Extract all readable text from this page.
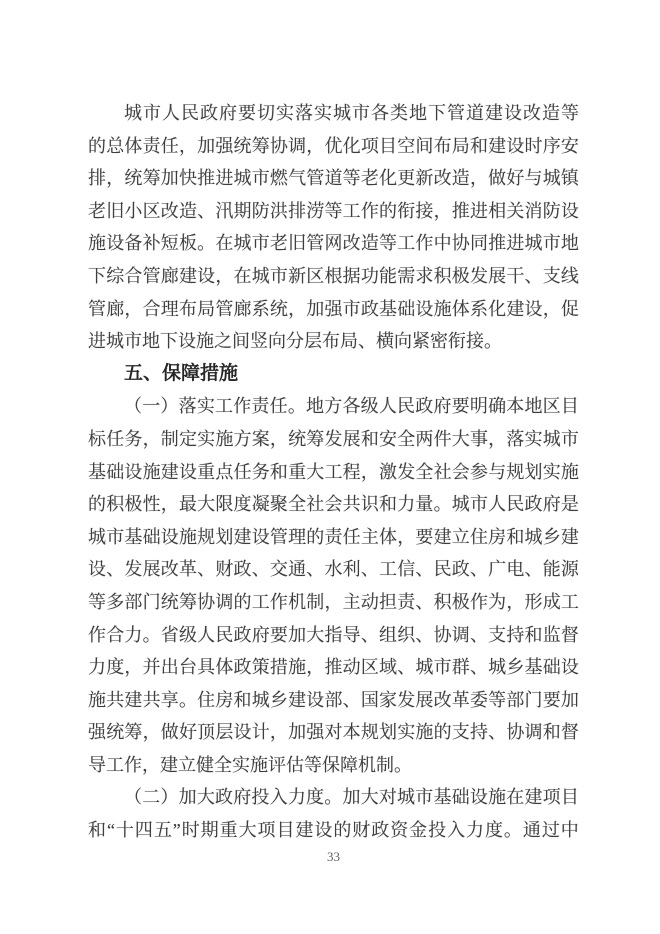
城 市 人 民 政 府 要 切 实 落 实 城 市 各 类 地 下 管 道 建 设 改 造 等
的 总 体 责 任 ， 加 强 统 筹 协 调 ， 优 化 项 目 空 间 布 局 和 建 设 时 序 安
排 ， 统 筹 加 快 推 进 城 市 燃 气 管 道 等 老 化 更 新 改 造 ， 做 好 与 城 镇
老 旧 小 区 改 造 、 汛 期 防 洪 排 涝 等 工 作 的 衔 接 ， 推 进 相 关 消 防 设
施 设 备 补 短 板 。 在 城 市 老 旧 管 网 改 造 等 工 作 中 协 同 推 进 城 市 地
下 综 合 管 廊 建 设 ， 在 城 市 新 区 根 据 功 能 需 求 积 极 发 展 干 、 支 线
管 廊 ， 合 理 布 局 管 廊 系 统 ， 加 强 市 政 基 础 设 施 体 系 化 建 设 ， 促
进城市地下设施之间竖向分层布局、横向紧密衔接。
五、保障措施
（ 一 ） 落 实 工 作 责 任 。 地 方 各 级 人 民 政 府 要 明 确 本 地 区 目
标 任 务 ， 制 定 实 施 方 案 ， 统 筹 发 展 和 安 全 两 件 大 事 ， 落 实 城 市
基 础 设 施 建 设 重 点 任 务 和 重 大 工 程 ， 激 发 全 社 会 参 与 规 划 实 施
的 积 极 性 ， 最 大 限 度 凝 聚 全 社 会 共 识 和 力 量 。 城 市 人 民 政 府 是
城 市 基 础 设 施 规 划 建 设 管 理 的 责 任 主 体 ， 要 建 立 住 房 和 城 乡 建
设 、 发 展 改 革 、 财 政 、 交 通 、 水 利 、 工 信 、 民 政 、 广 电 、 能 源
等 多 部 门 统 筹 协 调 的 工 作 机 制 ， 主 动 担 责 、 积 极 作 为 ， 形 成 工
作 合 力 。 省 级 人 民 政 府 要 加 大 指 导 、 组 织 、 协 调 、 支 持 和 监 督
力 度 ， 并 出 台 具 体 政 策 措 施 ， 推 动 区 域 、 城 市 群 、 城 乡 基 础 设
施 共 建 共 享 。 住 房 和 城 乡 建 设 部 、 国 家 发 展 改 革 委 等 部 门 要 加
强 统 筹 ， 做 好 顶 层 设 计 ， 加 强 对 本 规 划 实 施 的 支 持 、 协 调 和 督
导工作，建立健全实施评估等保障机制。
（ 二 ） 加 大 政 府 投 入 力 度 。 加 大 对 城 市 基 础 设 施 在 建 项 目
和 “ 十 四 五 ” 时 期 重 大 项 目 建 设 的 财 政 资 金 投 入 力 度 。 通 过 中
33
